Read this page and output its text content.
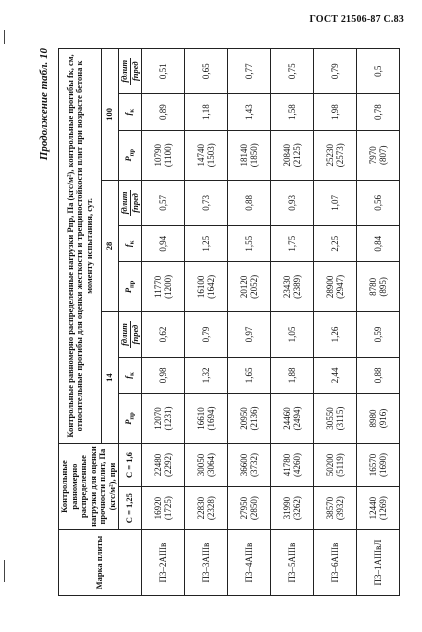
ГОСТ 21506-87 С.83
Продолжение табл. 10
Марка плиты	Контрольные равномерно распределенные нагрузки для оценки прочности плит, Па (кгс/м²), при		Контрольные равномерно распределенные нагрузки Pпр, Па (кгс/м²), контрольные прогибы fк, см, относительные прогибы для оценки жесткости и трещиностойкости плит при возрасте бетона к моменту испытания, сут.								
			14			28			100		
	C = 1,25	C = 1,6	$P_{пр}$	$f_к$	fдлит fпред	$P_{пр}$	$f_к$	fдлит fпред	$P_{пр}$	$f_к$	fдлит fпред

П3–2АIIIв	16920 (1725)	22480 (2292)	12070 (1231)	0,98	0,62	11770 (1200)	0,94	0,57	10790 (1100)	0,89	0,51
П3–3АIIIв	22830 (2328)	30050 (3064)	16610 (1694)	1,32	0,79	16100 (1642)	1,25	0,73	14740 (1503)	1,18	0,65
П3–4АIIIв	27950 (2850)	36600 (3732)	20950 (2136)	1,65	0,97	20120 (2052)	1,55	0,88	18140 (1850)	1,43	0,77
П3–5АIIIв	31990 (3262)	41780 (4260)	24460 (2494)	1,88	1,05	23430 (2389)	1,75	0,93	20840 (2125)	1,58	0,75
П3–6АIIIв	38570 (3932)	50200 (5119)	30550 (3115)	2,44	1,26	28900 (2947)	2,25	1,07	25230 (2573)	1,98	0,79
П3–1АIIIвЛ	12440 (1269)	16570 (1690)	8980 (916)	0,88	0,59	8780 (895)	0,84	0,56	7970 (807)	0,78	0,5
